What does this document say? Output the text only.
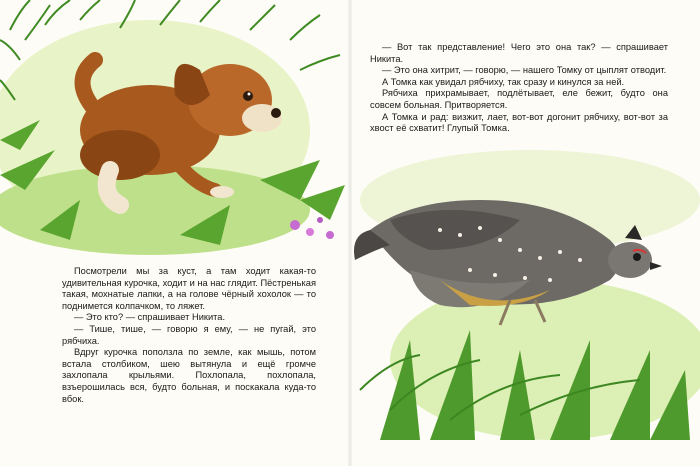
Посмотрели мы за куст, а там ходит какая-то удивительная курочка, ходит и на нас глядит. Пёстренькая такая, мохнатые лапки, а на голове чёрный хохолок — то поднимется колпачком, то ляжет.

— Это кто? — спрашивает Никита.

— Тише, тише, — говорю я ему, — не пугай, это рябчиха.

Вдруг курочка поползла по земле, как мышь, потом встала столбиком, шею вытянула и ещё громче захлопала крыльями. Похлопала, похлопала, взъерошилась вся, будто больная, и поскакала куда-то вбок.

— Вот так представление! Чего это она так? — спрашивает Никита.

— Это она хитрит, — говорю, — нашего Томку от цыплят отводит.

А Томка как увидал рябчиху, так сразу и кинулся за ней.

Рябчиха прихрамывает, подлётывает, еле бежит, будто она совсем больная. Притворяется.

А Томка и рад: визжит, лает, вот-вот догонит рябчиху, вот-вот за хвост её схватит! Глупый Томка.
